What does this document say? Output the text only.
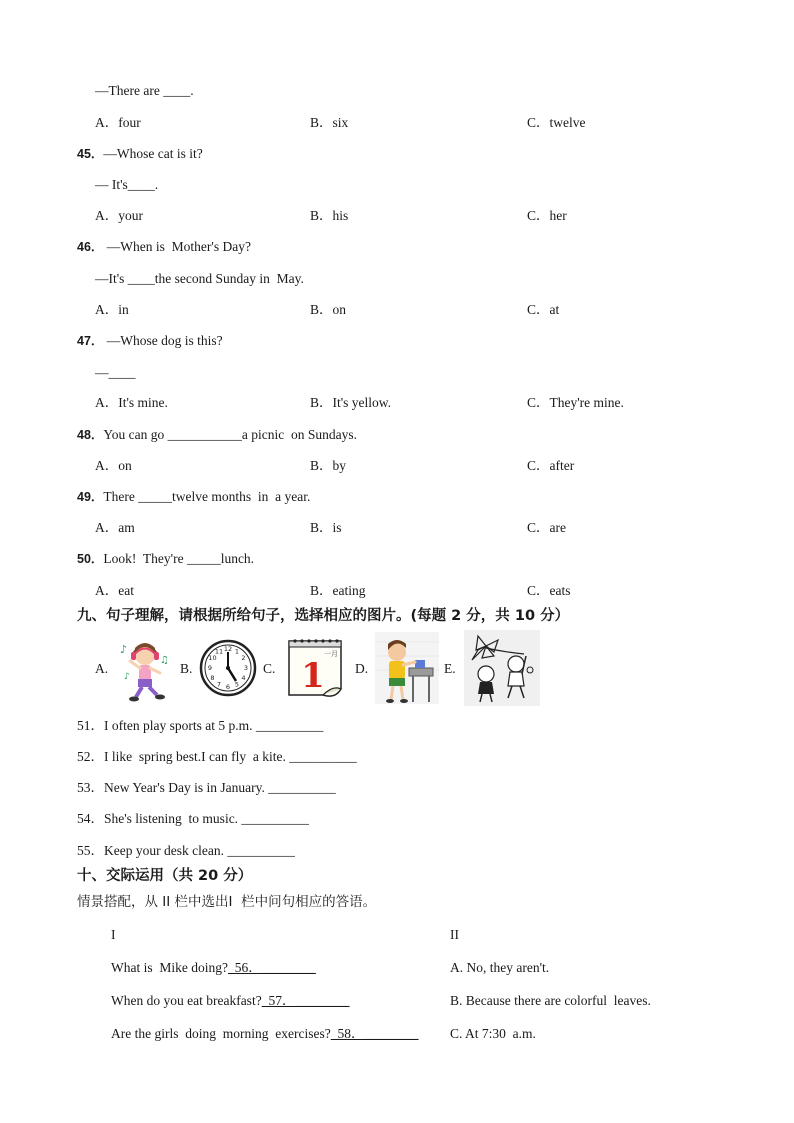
—There are ____.
A．four	B．six	C．twelve
45．—Whose cat is it?
— It's____.
A．your	B．his	C．her
46． —When is  Mother's Day?
—It's ____the second Sunday in  May.
A．in	B．on	C．at
47． —Whose dog is this?
—____
A．It's mine.	B．It's yellow.	C．They're mine.
48．You can go ___________a picnic  on Sundays.
A．on	B．by	C．after
49．There _____twelve months  in  a year.
A．am	B．is	C．are
50．Look!  They're _____lunch.
A．eat	B．eating	C．eats
九、句子理解，请根据所给句子，选择相应的图片。(每题 2 分，共 10 分）
A.
♪
♫
♪
B.
12 1
2
3
4
5
6
7
8
9
10
11
C.
一月
1 D.	E.
51．I often play sports at 5 p.m. __________
52．I like  spring best.I can fly  a kite. __________
53．New Year's Day is in January. __________
54．She's listening  to music. __________
55．Keep your desk clean. __________
十、交际运用（共 20 分）
情景搭配，从 II 栏中选出I  栏中问句相应的答语。
I	II
What is  Mike doing?  56．________	A. No, they aren't.
When do you eat breakfast?  57．________	B. Because there are colorful  leaves.
Are the girls  doing  morning  exercises?  58．________ C. At 7:30  a.m.
